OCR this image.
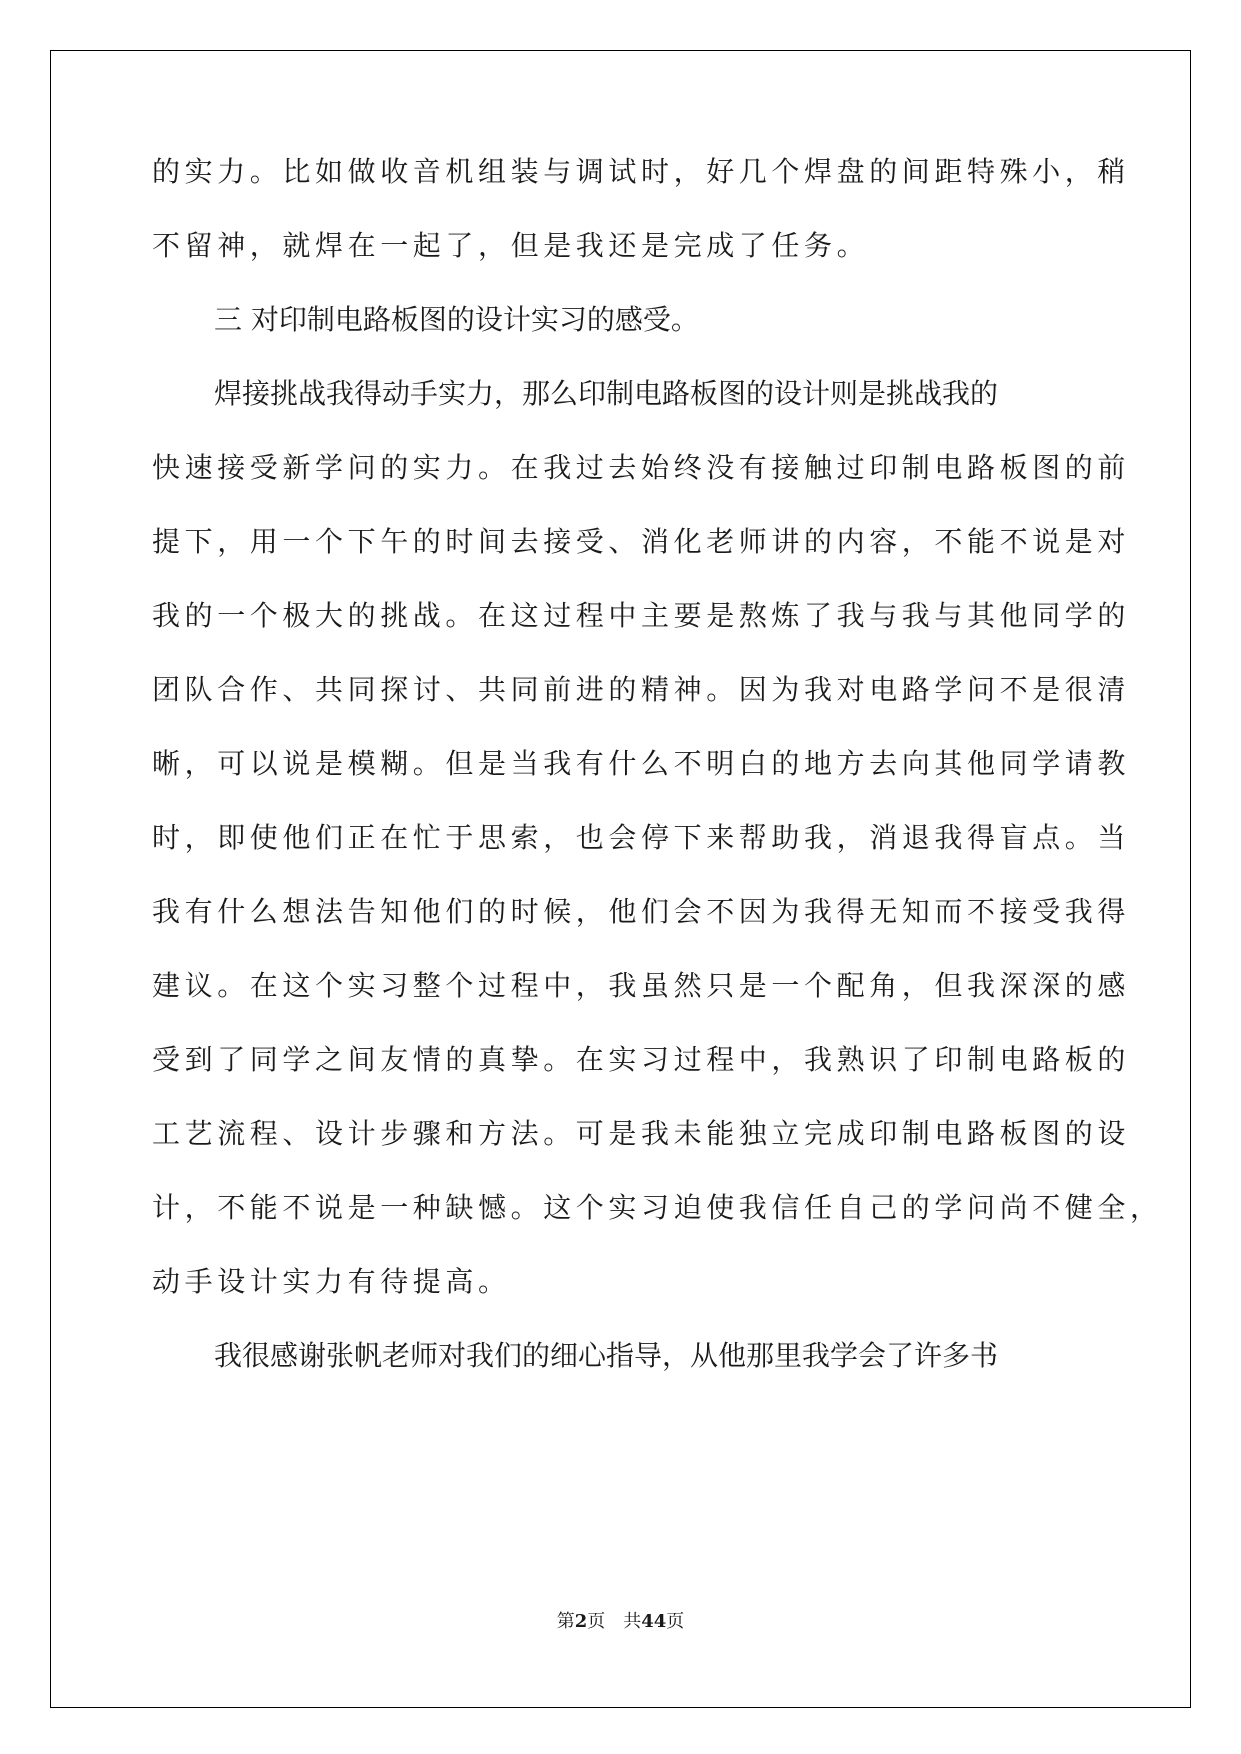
的实力。比如做收音机组装与调试时，好几个焊盘的间距特殊小，稍
不留神，就焊在一起了，但是我还是完成了任务。
三 对印制电路板图的设计实习的感受。
焊接挑战我得动手实力，那么印制电路板图的设计则是挑战我的
快速接受新学问的实力。在我过去始终没有接触过印制电路板图的前
提下，用一个下午的时间去接受、消化老师讲的内容，不能不说是对
我的一个极大的挑战。在这过程中主要是熬炼了我与我与其他同学的
团队合作、共同探讨、共同前进的精神。因为我对电路学问不是很清
晰，可以说是模糊。但是当我有什么不明白的地方去向其他同学请教
时，即使他们正在忙于思索，也会停下来帮助我，消退我得盲点。当
我有什么想法告知他们的时候，他们会不因为我得无知而不接受我得
建议。在这个实习整个过程中，我虽然只是一个配角，但我深深的感
受到了同学之间友情的真挚。在实习过程中，我熟识了印制电路板的
工艺流程、设计步骤和方法。可是我未能独立完成印制电路板图的设
计，不能不说是一种缺憾。这个实习迫使我信任自己的学问尚不健全，
动手设计实力有待提高。
我很感谢张帆老师对我们的细心指导，从他那里我学会了许多书
第2页 共44页
